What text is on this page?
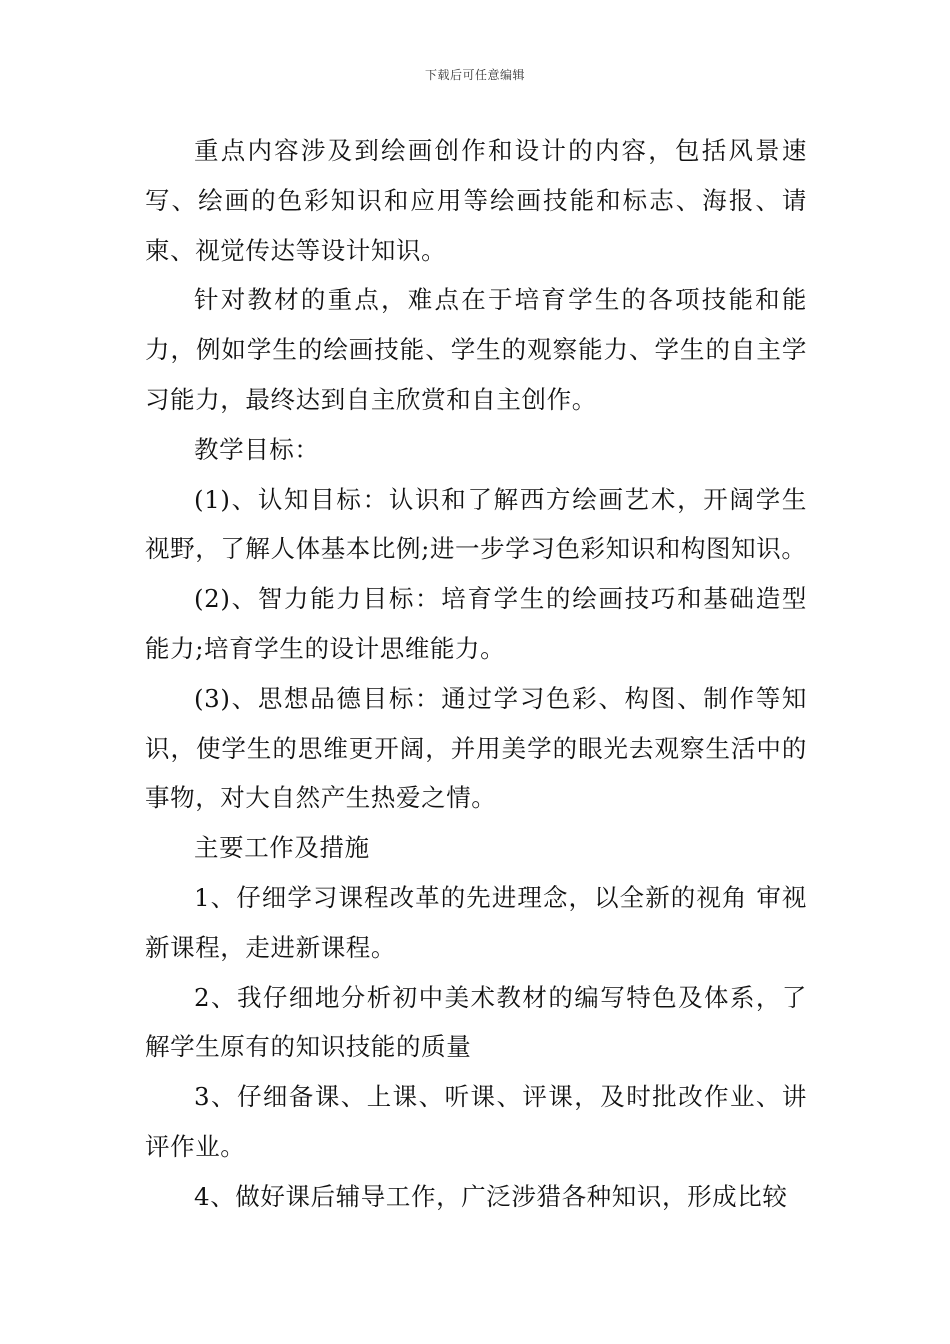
下载后可任意编辑

重点内容涉及到绘画创作和设计的内容，包括风景速写、绘画的色彩知识和应用等绘画技能和标志、海报、请柬、视觉传达等设计知识。

针对教材的重点，难点在于培育学生的各项技能和能力，例如学生的绘画技能、学生的观察能力、学生的自主学习能力，最终达到自主欣赏和自主创作。

教学目标：

(1)、认知目标：认识和了解西方绘画艺术，开阔学生视野，了解人体基本比例;进一步学习色彩知识和构图知识。

(2)、智力能力目标：培育学生的绘画技巧和基础造型能力;培育学生的设计思维能力。

(3)、思想品德目标：通过学习色彩、构图、制作等知识，使学生的思维更开阔，并用美学的眼光去观察生活中的事物，对大自然产生热爱之情。

主要工作及措施

1、仔细学习课程改革的先进理念，以全新的视角 审视新课程，走进新课程。

2、我仔细地分析初中美术教材的编写特色及体系，了解学生原有的知识技能的质量

3、仔细备课、上课、听课、评课，及时批改作业、讲评作业。

4、做好课后辅导工作，广泛涉猎各种知识，形成比较
